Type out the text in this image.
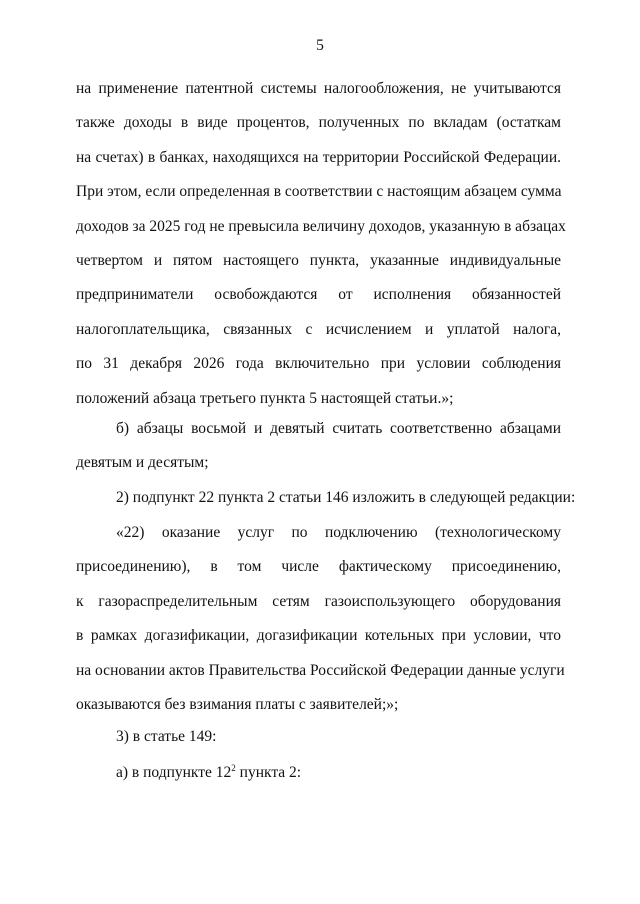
5

на применение патентной системы налогообложения, не учитываются
также доходы в виде процентов, полученных по вкладам (остаткам
на счетах) в банках, находящихся на территории Российской Федерации.
При этом, если определенная в соответствии с настоящим абзацем сумма
доходов за 2025 год не превысила величину доходов, указанную в абзацах
четвертом и пятом настоящего пункта, указанные индивидуальные
предприниматели освобождаются от исполнения обязанностей
налогоплательщика, связанных с исчислением и уплатой налога,
по 31 декабря 2026 года включительно при условии соблюдения
положений абзаца третьего пункта 5 настоящей статьи.»;

б) абзацы восьмой и девятый считать соответственно абзацами
девятым и десятым;

2) подпункт 22 пункта 2 статьи 146 изложить в следующей редакции:

«22) оказание услуг по подключению (технологическому
присоединению), в том числе фактическому присоединению,
к газораспределительным сетям газоиспользующего оборудования
в рамках догазификации, догазификации котельных при условии, что
на основании актов Правительства Российской Федерации данные услуги
оказываются без взимания платы с заявителей;»;

3) в статье 149:

а) в подпункте $12^2$ пункта 2:
